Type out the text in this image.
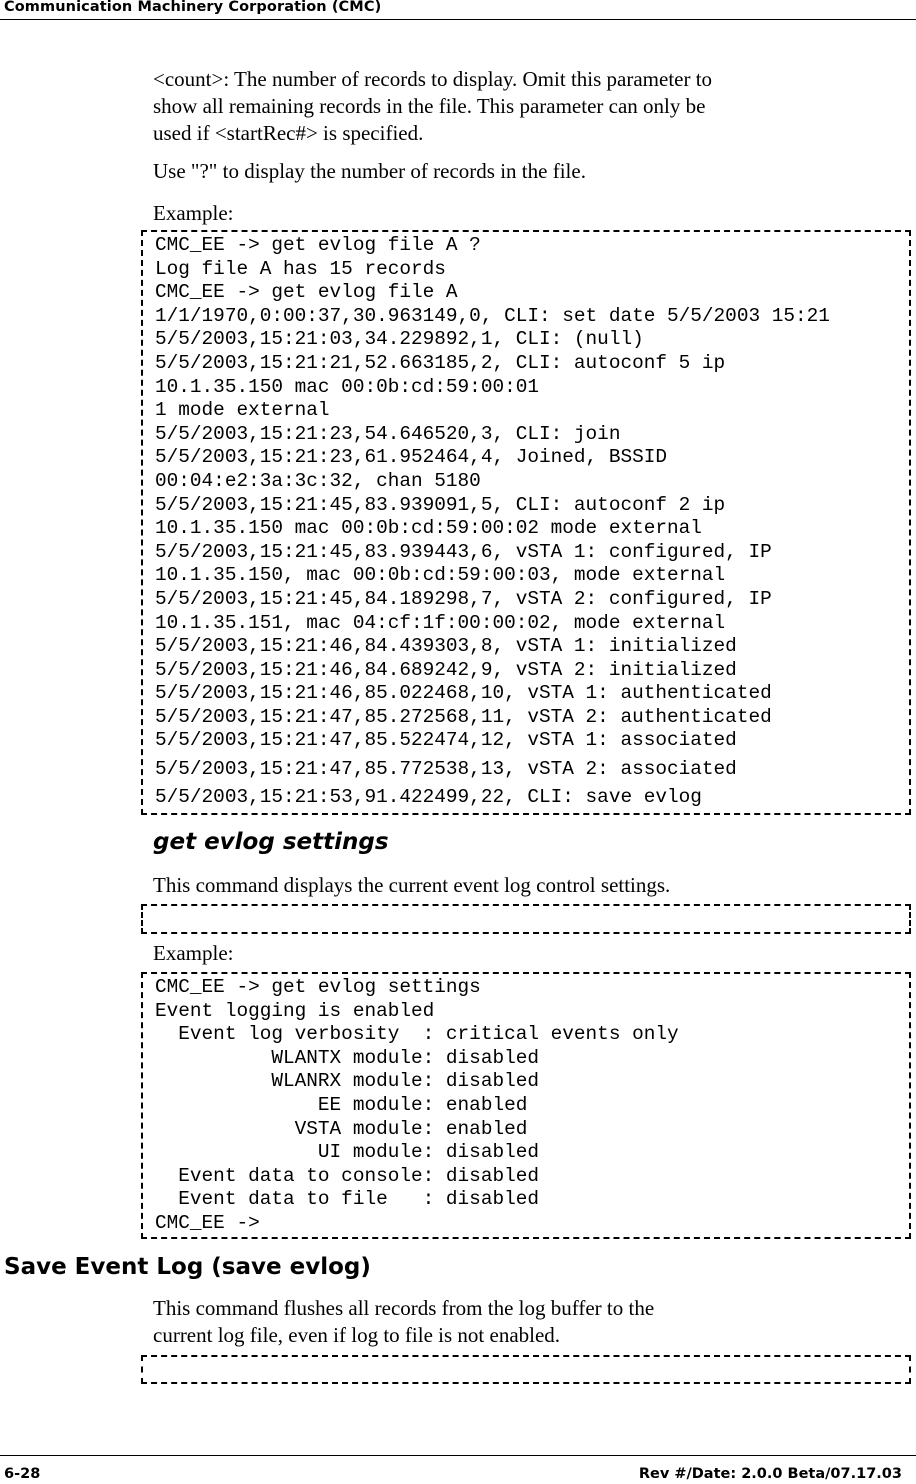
Communication Machinery Corporation (CMC)
<count>: The number of records to display. Omit this parameter to
show all remaining records in the file. This parameter can only be
used if <startRec#> is specified.
Use "?" to display the number of records in the file.
Example:
CMC_EE -> get evlog file A ?
Log file A has 15 records
CMC_EE -> get evlog file A
1/1/1970,0:00:37,30.963149,0, CLI: set date 5/5/2003 15:21
5/5/2003,15:21:03,34.229892,1, CLI: (null)
5/5/2003,15:21:21,52.663185,2, CLI: autoconf 5 ip
10.1.35.150 mac 00:0b:cd:59:00:01
1 mode external
5/5/2003,15:21:23,54.646520,3, CLI: join
5/5/2003,15:21:23,61.952464,4, Joined, BSSID
00:04:e2:3a:3c:32, chan 5180
5/5/2003,15:21:45,83.939091,5, CLI: autoconf 2 ip
10.1.35.150 mac 00:0b:cd:59:00:02 mode external
5/5/2003,15:21:45,83.939443,6, vSTA 1: configured, IP
10.1.35.150, mac 00:0b:cd:59:00:03, mode external
5/5/2003,15:21:45,84.189298,7, vSTA 2: configured, IP
10.1.35.151, mac 04:cf:1f:00:00:02, mode external
5/5/2003,15:21:46,84.439303,8, vSTA 1: initialized
5/5/2003,15:21:46,84.689242,9, vSTA 2: initialized
5/5/2003,15:21:46,85.022468,10, vSTA 1: authenticated
5/5/2003,15:21:47,85.272568,11, vSTA 2: authenticated
5/5/2003,15:21:47,85.522474,12, vSTA 1: associated
5/5/2003,15:21:47,85.772538,13, vSTA 2: associated
5/5/2003,15:21:53,91.422499,22, CLI: save evlog
get evlog settings
This command displays the current event log control settings.

Example:
CMC_EE -> get evlog settings
Event logging is enabled
Event log verbosity  : critical events only
WLANTX module: disabled
WLANRX module: disabled
EE module: enabled
VSTA module: enabled
UI module: disabled
Event data to console: disabled
Event data to file   : disabled
CMC_EE ->
Save Event Log (save evlog)
This command flushes all records from the log buffer to the
current log file, even if log to file is not enabled.

6-28	Rev #/Date: 2.0.0 Beta/07.17.03
